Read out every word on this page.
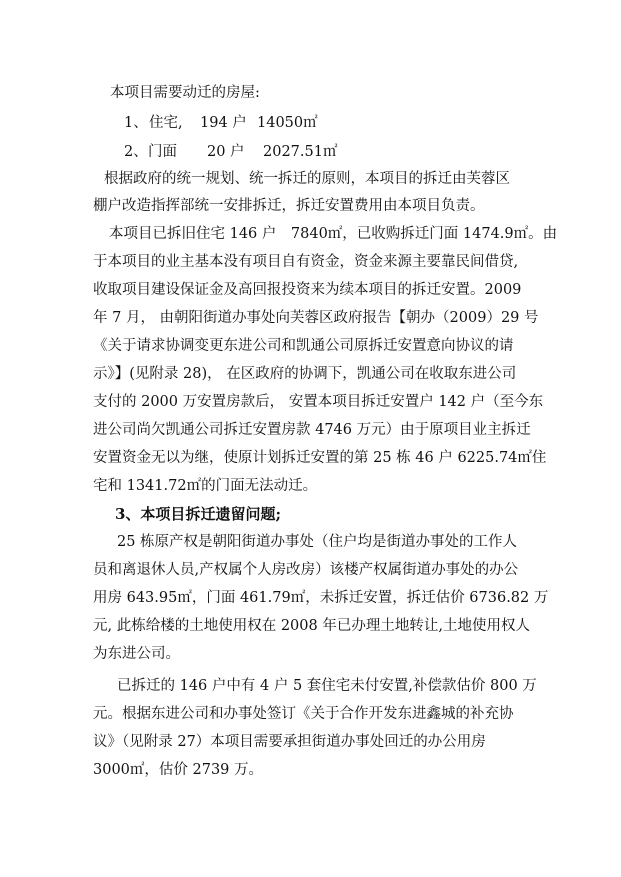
本项目需要动迁的房屋:
1、 住宅, 194 户 14050㎡
2、 门面 20 户 2027.51㎡
根据政府的统一规划、统一拆迁的原则，本项目的拆迁由芙蓉区
棚户改造指挥部统一安排拆迁，拆迁安置费用由本项目负责。
本项目已拆旧住宅 146 户　7840㎡，已收购拆迁门面 1474.9㎡。由
于本项目的业主基本没有项目自有资金，资金来源主要靠民间借贷,
收取项目建设保证金及高回报投资来为续本项目的拆迁安置。2009
年 7 月， 由朝阳街道办事处向芙蓉区政府报告【朝办（2009）29 号
《关于请求协调变更东进公司和凯通公司原拆迁安置意向协议的请
示》】(见附录 28)， 在区政府的协调下，凯通公司在收取东进公司
支付的 2000 万安置房款后， 安置本项目拆迁安置户 142 户（至今东
进公司尚欠凯通公司拆迁安置房款 4746 万元）由于原项目业主拆迁
安置资金无以为继，使原计划拆迁安置的第 25 栋 46 户 6225.74㎡住
宅和 1341.72㎡的门面无法动迁。
3、本项目拆迁遗留问题;
25 栋原产权是朝阳街道办事处（住户均是街道办事处的工作人
员和离退休人员,产权属个人房改房）该楼产权属街道办事处的办公
用房 643.95㎡，门面 461.79㎡，未拆迁安置，拆迁估价 6736.82 万
元, 此栋给楼的土地使用权在 2008 年已办理土地转让,土地使用权人
为东进公司。
已拆迁的 146 户中有 4 户 5 套住宅未付安置,补偿款估价 800 万
元。根据东进公司和办事处签订《关于合作开发东进鑫城的补充协
议》（见附录 27）本项目需要承担街道办事处回迁的办公用房
3000㎡，估价 2739 万。
